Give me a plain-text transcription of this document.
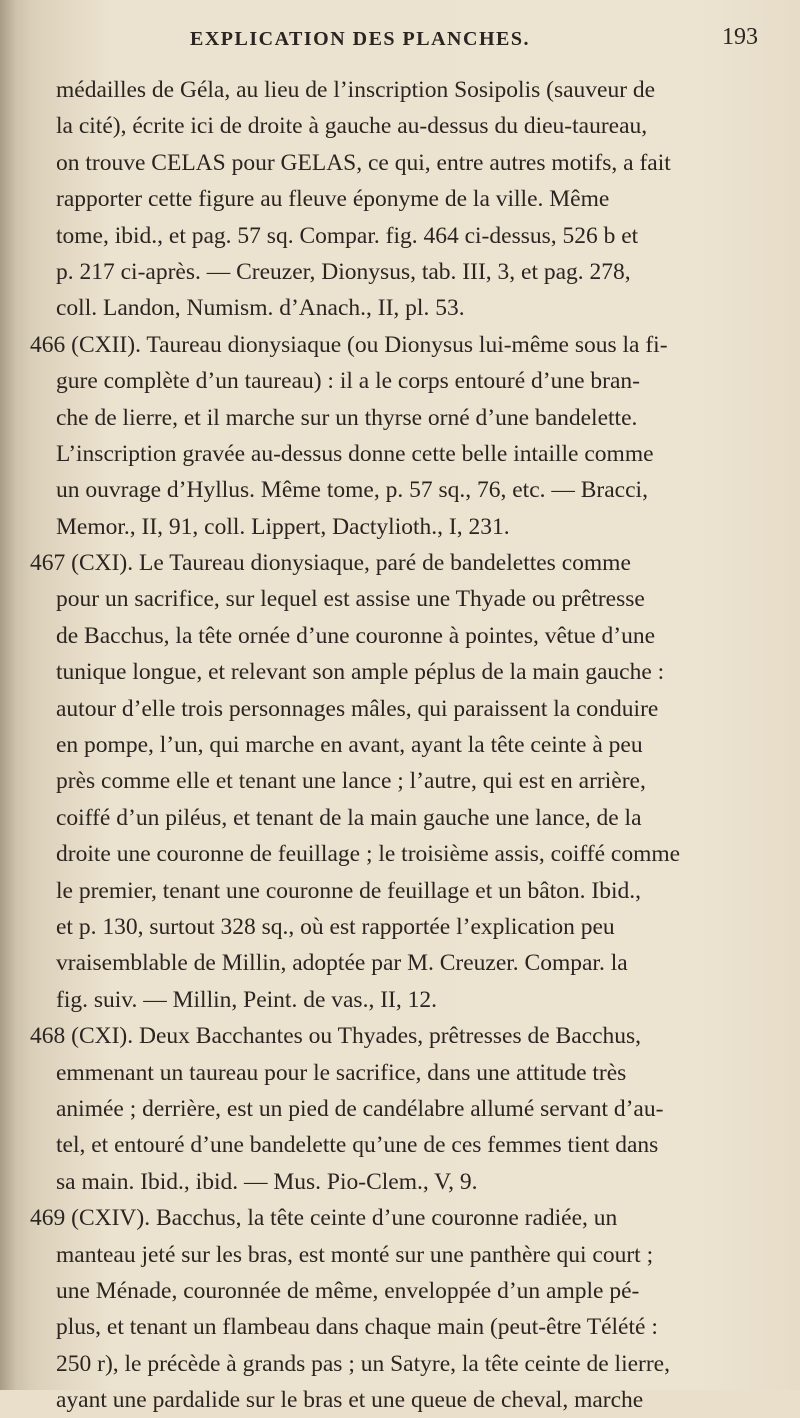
EXPLICATION DES PLANCHES.	193
médailles de Géla, au lieu de l’inscription Sosipolis (sauveur de
la cité), écrite ici de droite à gauche au-dessus du dieu-taureau,
on trouve CELAS pour GELAS, ce qui, entre autres motifs, a fait
rapporter cette figure au fleuve éponyme de la ville. Même
tome, ibid., et pag. 57 sq. Compar. fig. 464 ci-dessus, 526 b et
p. 217 ci-après. — Creuzer, Dionysus, tab. III, 3, et pag. 278,
coll. Landon, Numism. d’Anach., II, pl. 53.
466 (CXII). Taureau dionysiaque (ou Dionysus lui-même sous la fi-
gure complète d’un taureau) : il a le corps entouré d’une bran-
che de lierre, et il marche sur un thyrse orné d’une bandelette.
L’inscription gravée au-dessus donne cette belle intaille comme
un ouvrage d’Hyllus. Même tome, p. 57 sq., 76, etc. — Bracci,
Memor., II, 91, coll. Lippert, Dactylioth., I, 231.
467 (CXI). Le Taureau dionysiaque, paré de bandelettes comme
pour un sacrifice, sur lequel est assise une Thyade ou prêtresse
de Bacchus, la tête ornée d’une couronne à pointes, vêtue d’une
tunique longue, et relevant son ample péplus de la main gauche :
autour d’elle trois personnages mâles, qui paraissent la conduire
en pompe, l’un, qui marche en avant, ayant la tête ceinte à peu
près comme elle et tenant une lance ; l’autre, qui est en arrière,
coiffé d’un piléus, et tenant de la main gauche une lance, de la
droite une couronne de feuillage ; le troisième assis, coiffé comme
le premier, tenant une couronne de feuillage et un bâton. Ibid.,
et p. 130, surtout 328 sq., où est rapportée l’explication peu
vraisemblable de Millin, adoptée par M. Creuzer. Compar. la
fig. suiv. — Millin, Peint. de vas., II, 12.
468 (CXI). Deux Bacchantes ou Thyades, prêtresses de Bacchus,
emmenant un taureau pour le sacrifice, dans une attitude très
animée ; derrière, est un pied de candélabre allumé servant d’au-
tel, et entouré d’une bandelette qu’une de ces femmes tient dans
sa main. Ibid., ibid. — Mus. Pio-Clem., V, 9.
469 (CXIV). Bacchus, la tête ceinte d’une couronne radiée, un
manteau jeté sur les bras, est monté sur une panthère qui court ;
une Ménade, couronnée de même, enveloppée d’un ample pé-
plus, et tenant un flambeau dans chaque main (peut-être Télété :
250 r), le précède à grands pas ; un Satyre, la tête ceinte de lierre,
ayant une pardalide sur le bras et une queue de cheval, marche
